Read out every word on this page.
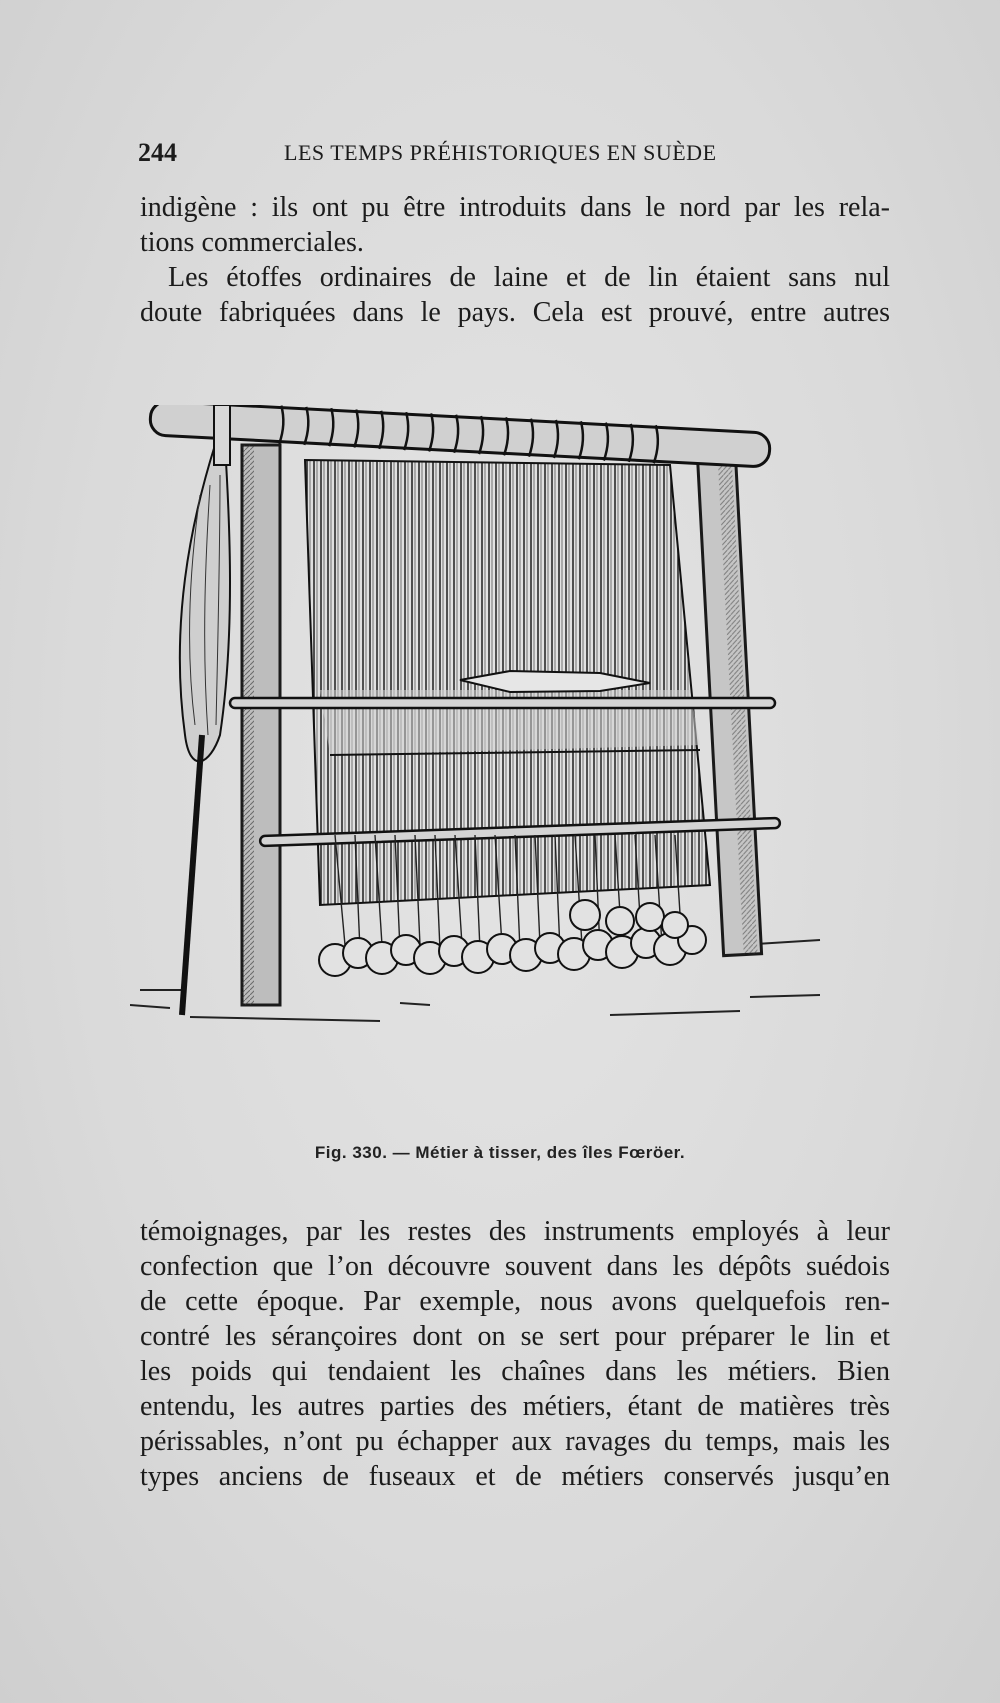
244	LES TEMPS PRÉHISTORIQUES EN SUÈDE
indigène : ils ont pu être introduits dans le nord par les rela-
tions commerciales.
Les étoffes ordinaires de laine et de lin étaient sans nul
doute fabriquées dans le pays. Cela est prouvé, entre autres
Fig. 330. — Métier à tisser, des îles Fœröer.
témoignages, par les restes des instruments employés à leur
confection que l’on découvre souvent dans les dépôts suédois
de cette époque. Par exemple, nous avons quelquefois ren-
contré les sérançoires dont on se sert pour préparer le lin et
les poids qui tendaient les chaînes dans les métiers. Bien
entendu, les autres parties des métiers, étant de matières très
périssables, n’ont pu échapper aux ravages du temps, mais les
types anciens de fuseaux et de métiers conservés jusqu’en
